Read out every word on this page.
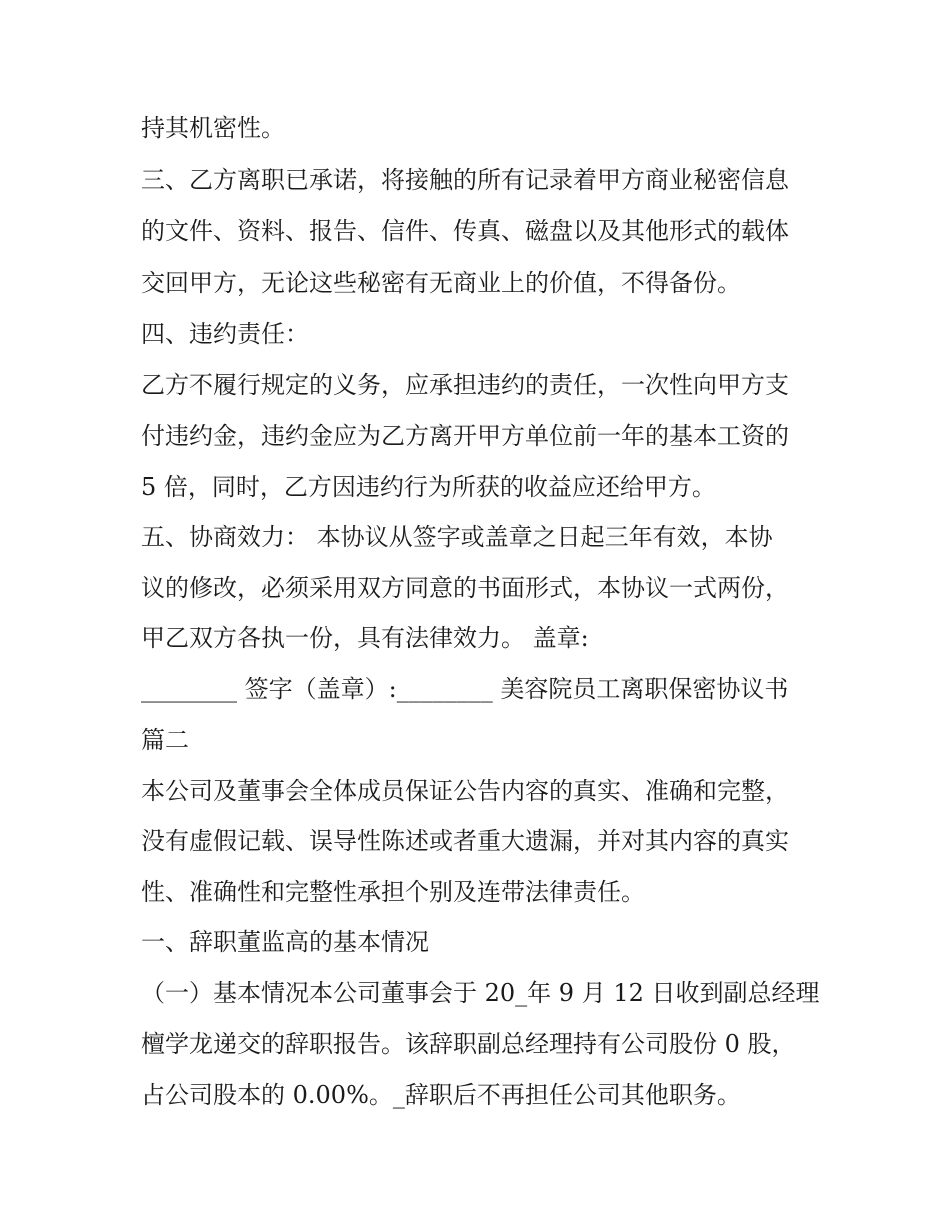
持其机密性。
三、乙方离职已承诺，将接触的所有记录着甲方商业秘密信息
的文件、资料、报告、信件、传真、磁盘以及其他形式的载体
交回甲方，无论这些秘密有无商业上的价值，不得备份。
四、违约责任：
乙方不履行规定的义务，应承担违约的责任，一次性向甲方支
付违约金，违约金应为乙方离开甲方单位前一年的基本工资的
5 倍，同时，乙方因违约行为所获的收益应还给甲方。
五、协商效力： 本协议从签字或盖章之日起三年有效，本协
议的修改，必须采用双方同意的书面形式，本协议一式两份，
甲乙双方各执一份，具有法律效力。 盖章:
________ 签字（盖章）:________ 美容院员工离职保密协议书
篇二
本公司及董事会全体成员保证公告内容的真实、准确和完整，
没有虚假记载、误导性陈述或者重大遗漏，并对其内容的真实
性、准确性和完整性承担个别及连带法律责任。
一、辞职董监高的基本情况
（一）基本情况本公司董事会于 20_年 9 月 12 日收到副总经理
檀学龙递交的辞职报告。该辞职副总经理持有公司股份 0 股，
占公司股本的 0.00%。_辞职后不再担任公司其他职务。
